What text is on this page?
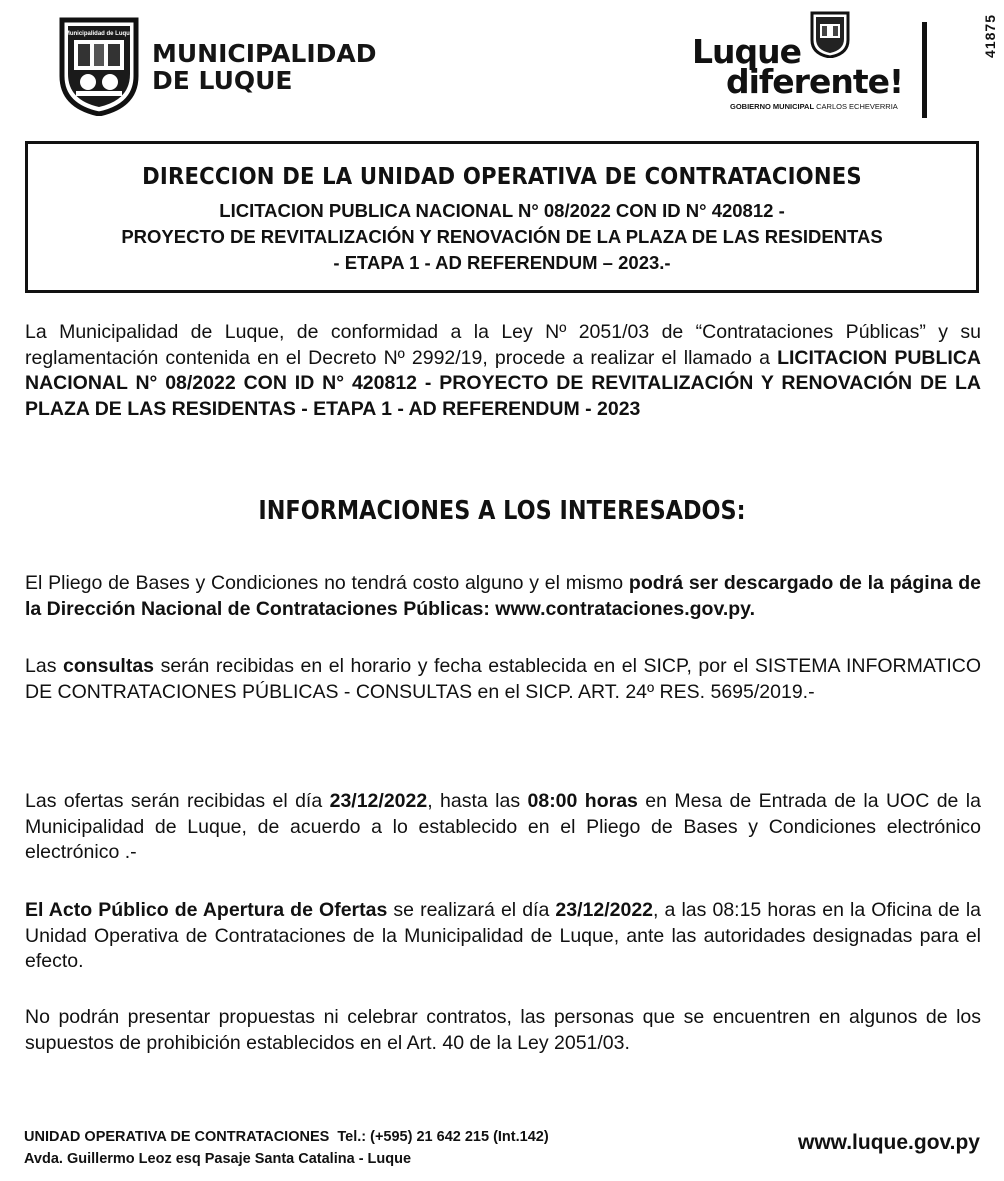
41875
Municipalidad de Luque
MUNICIPALIDAD
DE LUQUE
Luque
diferente!
GOBIERNO MUNICIPAL CARLOS ECHEVERRIA
DIRECCION DE LA UNIDAD OPERATIVA DE CONTRATACIONES
LICITACION PUBLICA NACIONAL N° 08/2022 CON ID N° 420812 -
PROYECTO DE REVITALIZACIÓN Y RENOVACIÓN DE LA PLAZA DE LAS RESIDENTAS
- ETAPA 1 - AD REFERENDUM – 2023.-
La Municipalidad de Luque, de conformidad a la Ley Nº 2051/03 de “Contrataciones Públicas” y su reglamentación contenida en el Decreto Nº 2992/19, procede a realizar el llamado a LICITACION PUBLICA NACIONAL N° 08/2022 CON ID N° 420812 - PROYECTO DE REVITALIZACIÓN Y RENOVACIÓN DE LA PLAZA DE LAS RESIDENTAS - ETAPA 1 - AD REFERENDUM - 2023
INFORMACIONES A LOS INTERESADOS:
El Pliego de Bases y Condiciones no tendrá costo alguno y el mismo podrá ser descargado de la página de la Dirección Nacional de Contrataciones Públicas: www.contrataciones.gov.py.
Las consultas serán recibidas en el horario y fecha establecida en el SICP, por el SISTEMA INFORMATICO DE CONTRATACIONES PÚBLICAS - CONSULTAS en el SICP. ART. 24º RES. 5695/2019.-
Las ofertas serán recibidas el día 23/12/2022, hasta las 08:00 horas en Mesa de Entrada de la UOC de la Municipalidad de Luque, de acuerdo a lo establecido en el Pliego de Bases y Condiciones electrónico electrónico .-
El Acto Público de Apertura de Ofertas se realizará el día 23/12/2022, a las 08:15 horas en la Oficina de la Unidad Operativa de Contrataciones de la Municipalidad de Luque, ante las autoridades designadas para el efecto.
No podrán presentar propuestas ni celebrar contratos, las personas que se encuentren en algunos de los supuestos de prohibición establecidos en el Art. 40 de la Ley 2051/03.
UNIDAD OPERATIVA DE CONTRATACIONES  Tel.: (+595) 21 642 215 (Int.142)
Avda. Guillermo Leoz esq Pasaje Santa Catalina - Luque
www.luque.gov.py
